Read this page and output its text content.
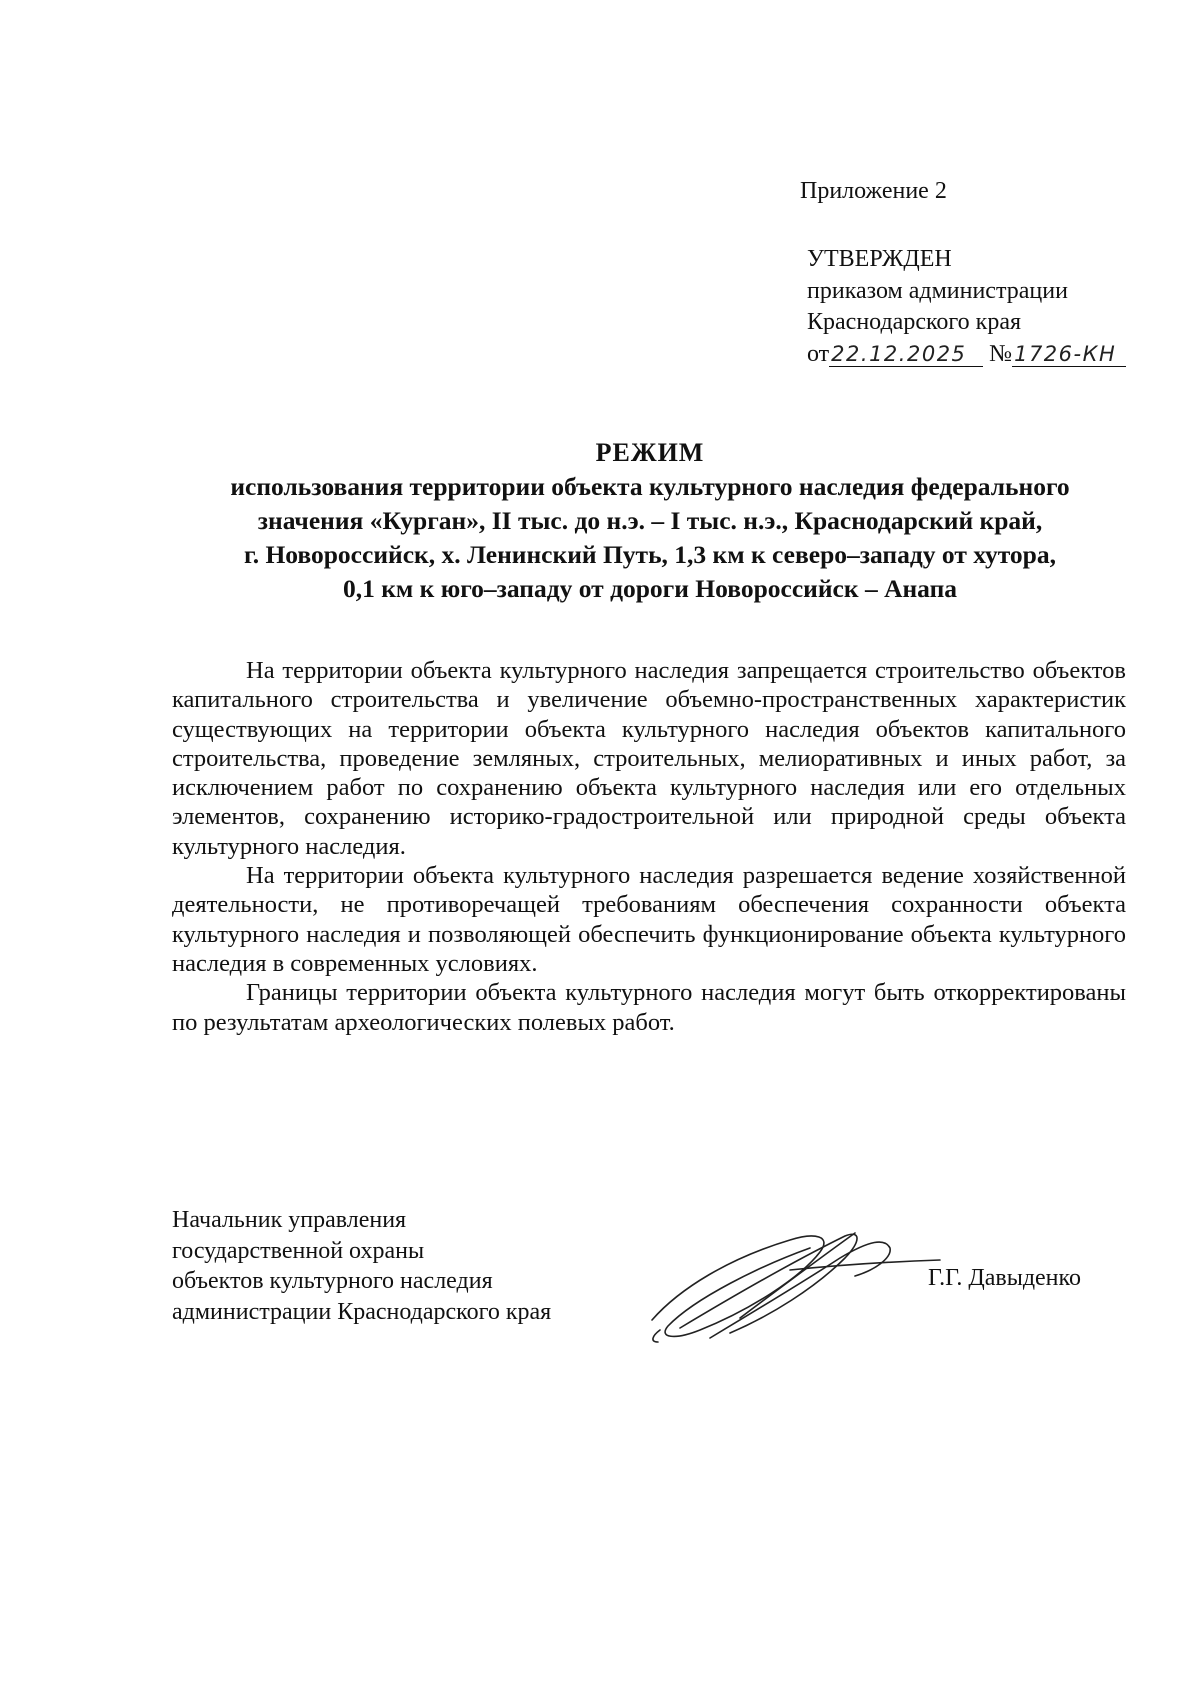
Приложение 2
УТВЕРЖДЕН
приказом администрации
Краснодарского края
от22.12.2025 №1726-КН
РЕЖИМ
использования территории объекта культурного наследия федерального
значения «Курган», II тыс. до н.э. – I тыс. н.э., Краснодарский край,
г. Новороссийск, х. Ленинский Путь, 1,3 км к северо–западу от хутора,
0,1 км к юго–западу от дороги Новороссийск – Анапа

На территории объекта культурного наследия запрещается строительство объектов капитального строительства и увеличение объемно-пространственных характеристик существующих на территории объекта культурного наследия объектов капитального строительства, проведение земляных, строительных, мелиоративных и иных работ, за исключением работ по сохранению объекта культурного наследия или его отдельных элементов, сохранению историко-градостроительной или природной среды объекта культурного наследия.

На территории объекта культурного наследия разрешается ведение хозяйственной деятельности, не противоречащей требованиям обеспечения сохранности объекта культурного наследия и позволяющей обеспечить функционирование объекта культурного наследия в современных условиях.

Границы территории объекта культурного наследия могут быть откорректированы по результатам археологических полевых работ.

Начальник управления
государственной охраны
объектов культурного наследия
администрации Краснодарского края
Г.Г. Давыденко
